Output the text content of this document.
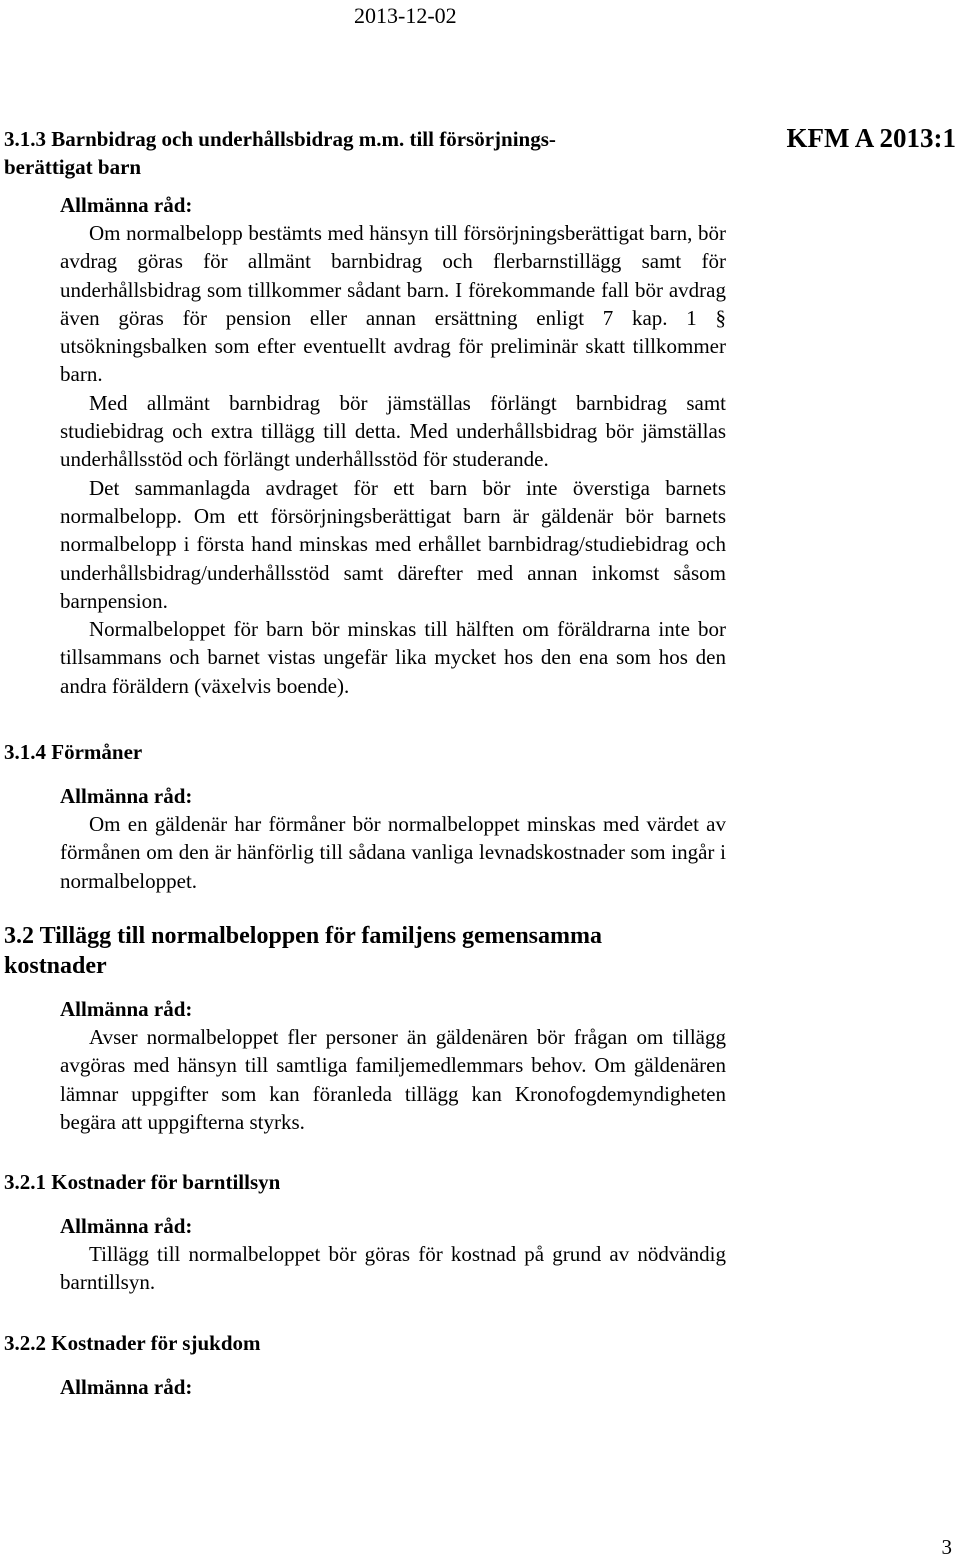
2013-12-02
KFM A 2013:1
3.1.3 Barnbidrag och underhållsbidrag m.m. till försörjnings-
berättigat barn
Allmänna råd:

Om normalbelopp bestämts med hänsyn till försörjningsberättigat barn, bör avdrag göras för allmänt barnbidrag och flerbarnstillägg samt för underhållsbidrag som tillkommer sådant barn. I förekommande fall bör avdrag även göras för pension eller annan ersättning enligt 7 kap. 1 § utsökningsbalken som efter eventuellt avdrag för preliminär skatt tillkommer barn.

Med allmänt barnbidrag bör jämställas förlängt barnbidrag samt studiebidrag och extra tillägg till detta. Med underhållsbidrag bör jämställas underhållsstöd och förlängt underhållsstöd för studerande.

Det sammanlagda avdraget för ett barn bör inte överstiga barnets normalbelopp. Om ett försörjningsberättigat barn är gäldenär bör barnets normalbelopp i första hand minskas med erhållet barnbidrag/studiebidrag och underhållsbidrag/underhållsstöd samt därefter med annan inkomst såsom barnpension.

Normalbeloppet för barn bör minskas till hälften om föräldrarna inte bor tillsammans och barnet vistas ungefär lika mycket hos den ena som hos den andra föräldern (växelvis boende).

3.1.4 Förmåner
Allmänna råd:

Om en gäldenär har förmåner bör normalbeloppet minskas med värdet av förmånen om den är hänförlig till sådana vanliga levnadskostnader som ingår i normalbeloppet.

3.2 Tillägg till normalbeloppen för familjens gemensamma
kostnader
Allmänna råd:

Avser normalbeloppet fler personer än gäldenären bör frågan om tillägg avgöras med hänsyn till samtliga familjemedlemmars behov. Om gäldenären lämnar uppgifter som kan föranleda tillägg kan Kronofogdemyndigheten begära att uppgifterna styrks.

3.2.1 Kostnader för barntillsyn
Allmänna råd:

Tillägg till normalbeloppet bör göras för kostnad på grund av nödvändig barntillsyn.

3.2.2 Kostnader för sjukdom
Allmänna råd:
3
